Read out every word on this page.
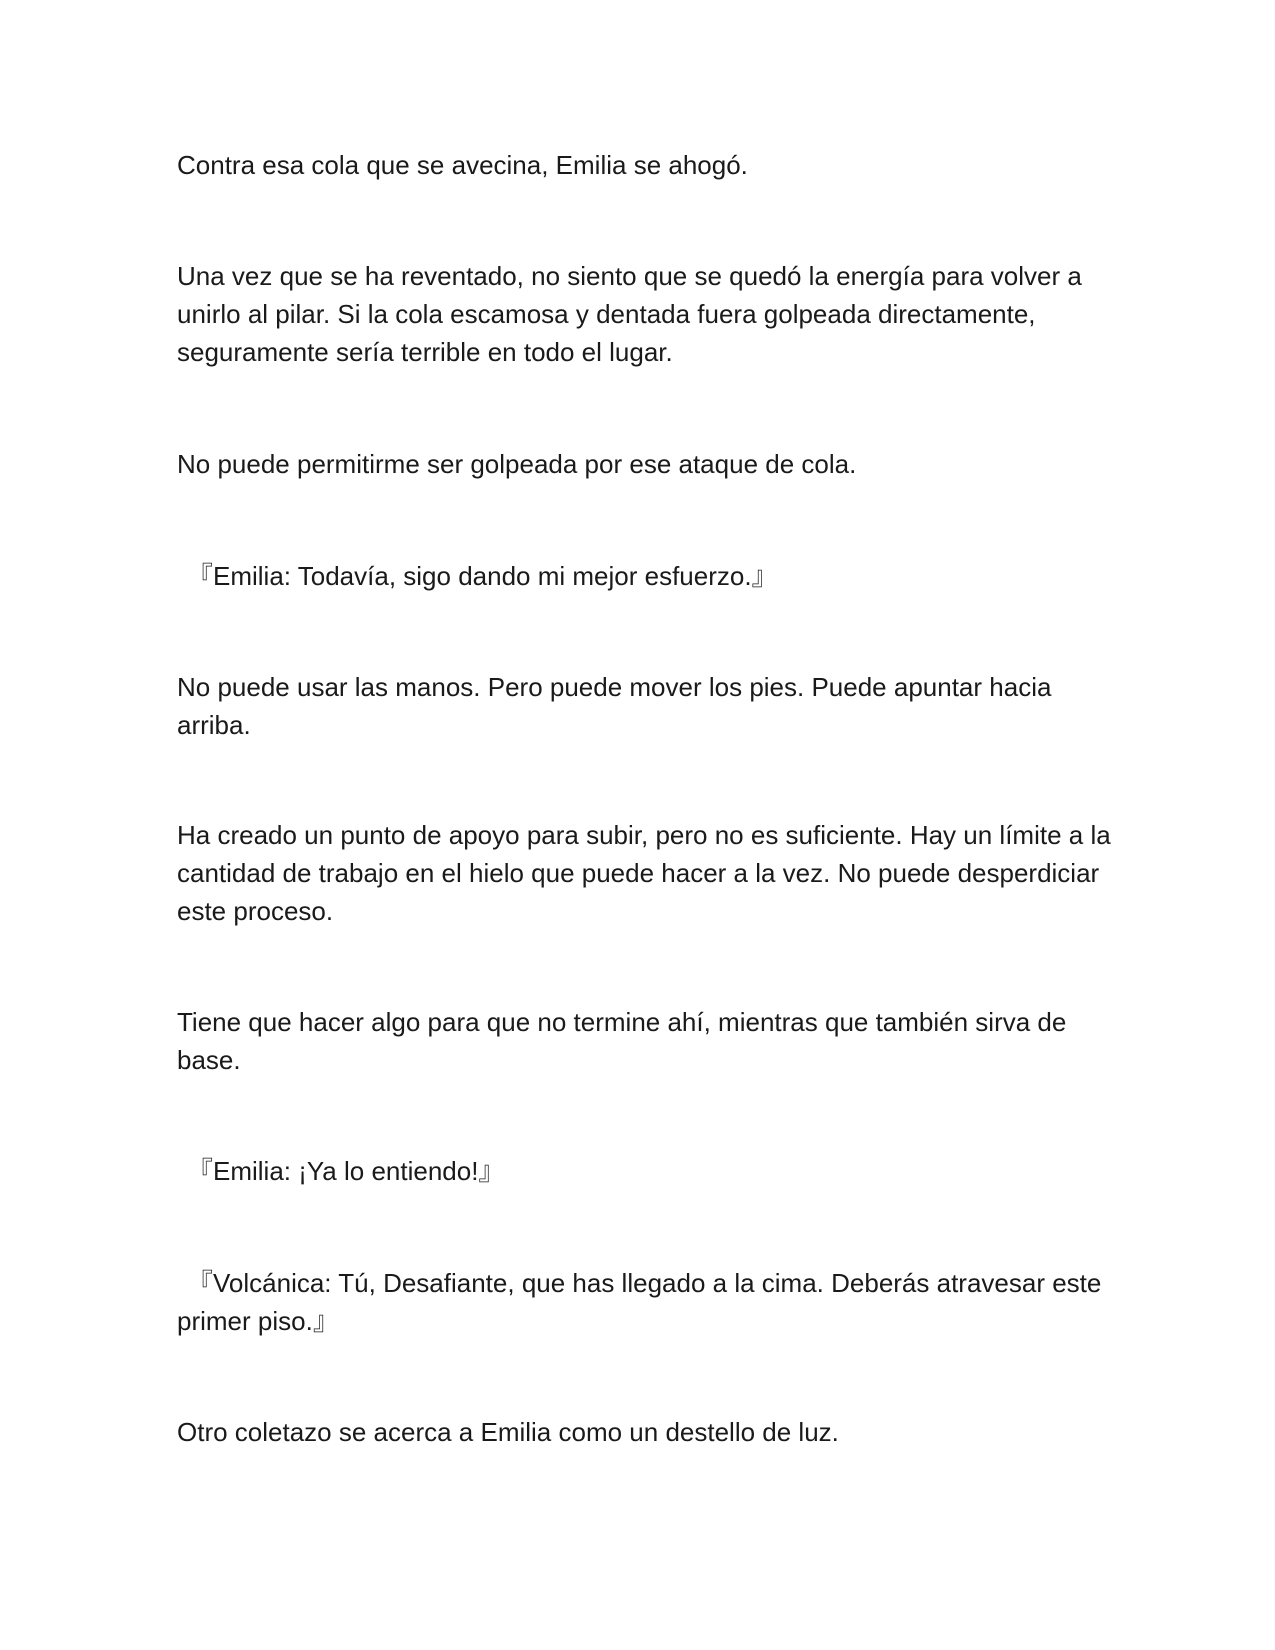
Contra esa cola que se avecina, Emilia se ahogó.

Una vez que se ha reventado, no siento que se quedó la energía para volver a unirlo al pilar. Si la cola escamosa y dentada fuera golpeada directamente, seguramente sería terrible en todo el lugar.

No puede permitirme ser golpeada por ese ataque de cola.

『Emilia: Todavía, sigo dando mi mejor esfuerzo.』

No puede usar las manos. Pero puede mover los pies. Puede apuntar hacia arriba.

Ha creado un punto de apoyo para subir, pero no es suficiente. Hay un límite a la cantidad de trabajo en el hielo que puede hacer a la vez. No puede desperdiciar este proceso.

Tiene que hacer algo para que no termine ahí, mientras que también sirva de base.

『Emilia: ¡Ya lo entiendo!』

『Volcánica: Tú, Desafiante, que has llegado a la cima. Deberás atravesar este primer piso.』

Otro coletazo se acerca a Emilia como un destello de luz.
